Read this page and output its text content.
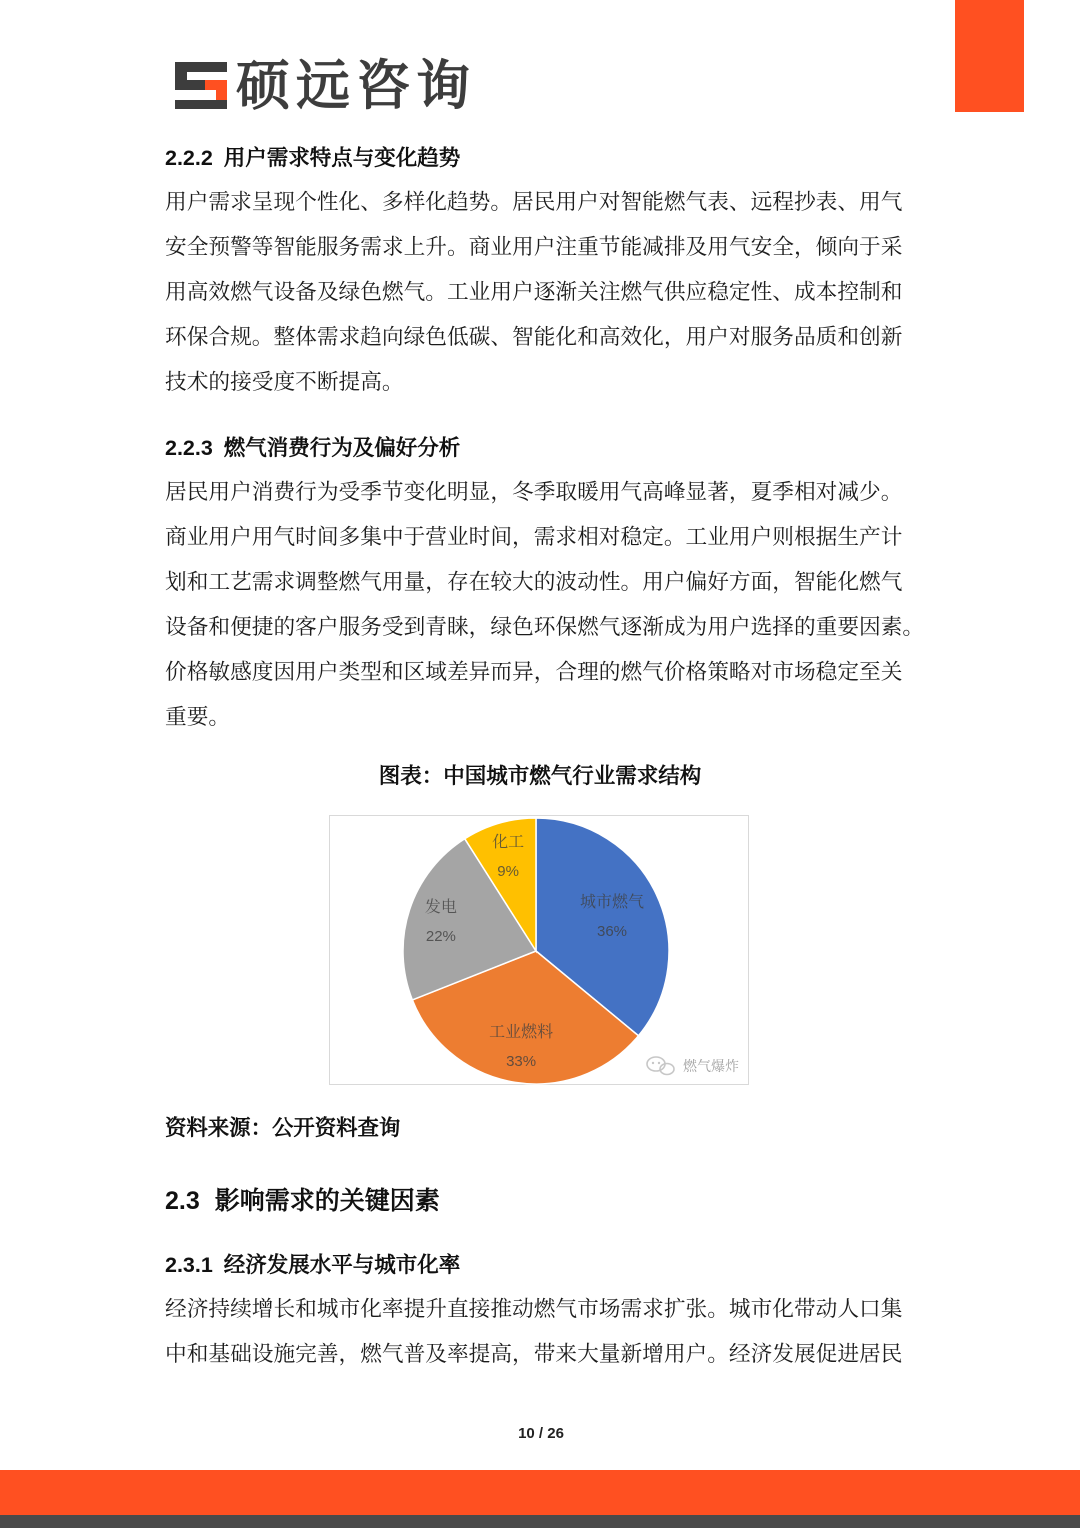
硕远咨询
2.2.2 用户需求特点与变化趋势
用户需求呈现个性化、多样化趋势。居民用户对智能燃气表、远程抄表、用气
安全预警等智能服务需求上升。商业用户注重节能减排及用气安全，倾向于采
用高效燃气设备及绿色燃气。工业用户逐渐关注燃气供应稳定性、成本控制和
环保合规。整体需求趋向绿色低碳、智能化和高效化，用户对服务品质和创新
技术的接受度不断提高。
2.2.3 燃气消费行为及偏好分析
居民用户消费行为受季节变化明显，冬季取暖用气高峰显著，夏季相对减少。
商业用户用气时间多集中于营业时间，需求相对稳定。工业用户则根据生产计
划和工艺需求调整燃气用量，存在较大的波动性。用户偏好方面，智能化燃气
设备和便捷的客户服务受到青睐，绿色环保燃气逐渐成为用户选择的重要因素。
价格敏感度因用户类型和区域差异而异，合理的燃气价格策略对市场稳定至关
重要。
图表：中国城市燃气行业需求结构
城市燃气
36%
工业燃料
33%
发电
22%
化工
9%
燃气爆炸
资料来源：公开资料查询
2.3 影响需求的关键因素
2.3.1 经济发展水平与城市化率
经济持续增长和城市化率提升直接推动燃气市场需求扩张。城市化带动人口集
中和基础设施完善，燃气普及率提高，带来大量新增用户。经济发展促进居民
10 / 26
